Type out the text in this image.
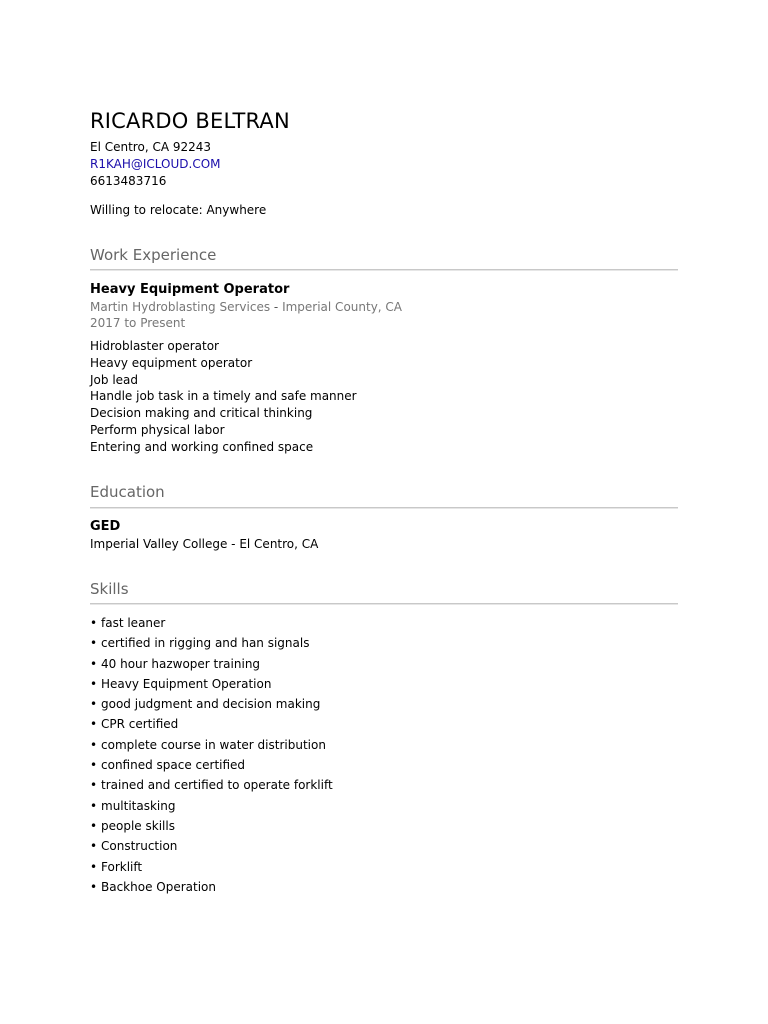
RICARDO BELTRAN
El Centro, CA 92243
R1KAH@ICLOUD.COM
6613483716
Willing to relocate: Anywhere
Work Experience
Heavy Equipment Operator
Martin Hydroblasting Services - Imperial County, CA
2017 to Present
Hidroblaster operator
Heavy equipment operator
Job lead
Handle job task in a timely and safe manner
Decision making and critical thinking
Perform physical labor
Entering and working confined space
Education
GED
Imperial Valley College - El Centro, CA
Skills
• fast leaner
• certified in rigging and han signals
• 40 hour hazwoper training
• Heavy Equipment Operation
• good judgment and decision making
• CPR certified
• complete course in water distribution
• confined space certified
• trained and certified to operate forklift
• multitasking
• people skills
• Construction
• Forklift
• Backhoe Operation
